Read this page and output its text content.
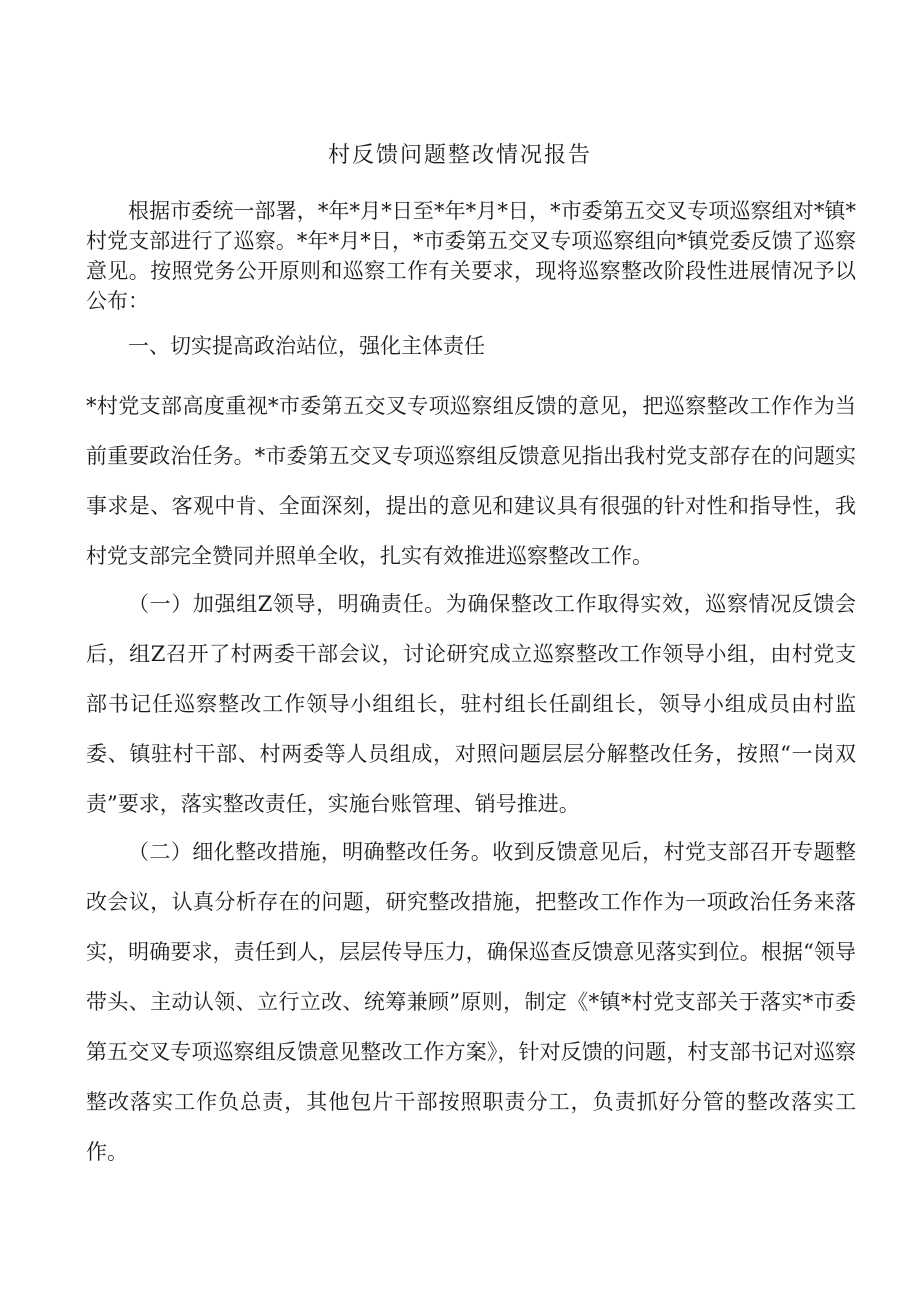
村反馈问题整改情况报告
根据市委统一部署，*年*月*日至*年*月*日，*市委第五交叉专项巡察组对*镇*村党支部进行了巡察。*年*月*日，*市委第五交叉专项巡察组向*镇党委反馈了巡察意见。按照党务公开原则和巡察工作有关要求，现将巡察整改阶段性进展情况予以公布：
一、切实提高政治站位，强化主体责任
*村党支部高度重视*市委第五交叉专项巡察组反馈的意见，把巡察整改工作作为当前重要政治任务。*市委第五交叉专项巡察组反馈意见指出我村党支部存在的问题实事求是、客观中肯、全面深刻，提出的意见和建议具有很强的针对性和指导性，我村党支部完全赞同并照单全收，扎实有效推进巡察整改工作。
（一）加强组Z领导，明确责任。为确保整改工作取得实效，巡察情况反馈会后，组Z召开了村两委干部会议，讨论研究成立巡察整改工作领导小组，由村党支部书记任巡察整改工作领导小组组长，驻村组长任副组长，领导小组成员由村监委、镇驻村干部、村两委等人员组成，对照问题层层分解整改任务，按照“一岗双责”要求，落实整改责任，实施台账管理、销号推进。
（二）细化整改措施，明确整改任务。收到反馈意见后，村党支部召开专题整改会议，认真分析存在的问题，研究整改措施，把整改工作作为一项政治任务来落实，明确要求，责任到人，层层传导压力，确保巡查反馈意见落实到位。根据“领导带头、主动认领、立行立改、统筹兼顾”原则，制定《*镇*村党支部关于落实*市委第五交叉专项巡察组反馈意见整改工作方案》，针对反馈的问题，村支部书记对巡察整改落实工作负总责，其他包片干部按照职责分工，负责抓好分管的整改落实工作。
